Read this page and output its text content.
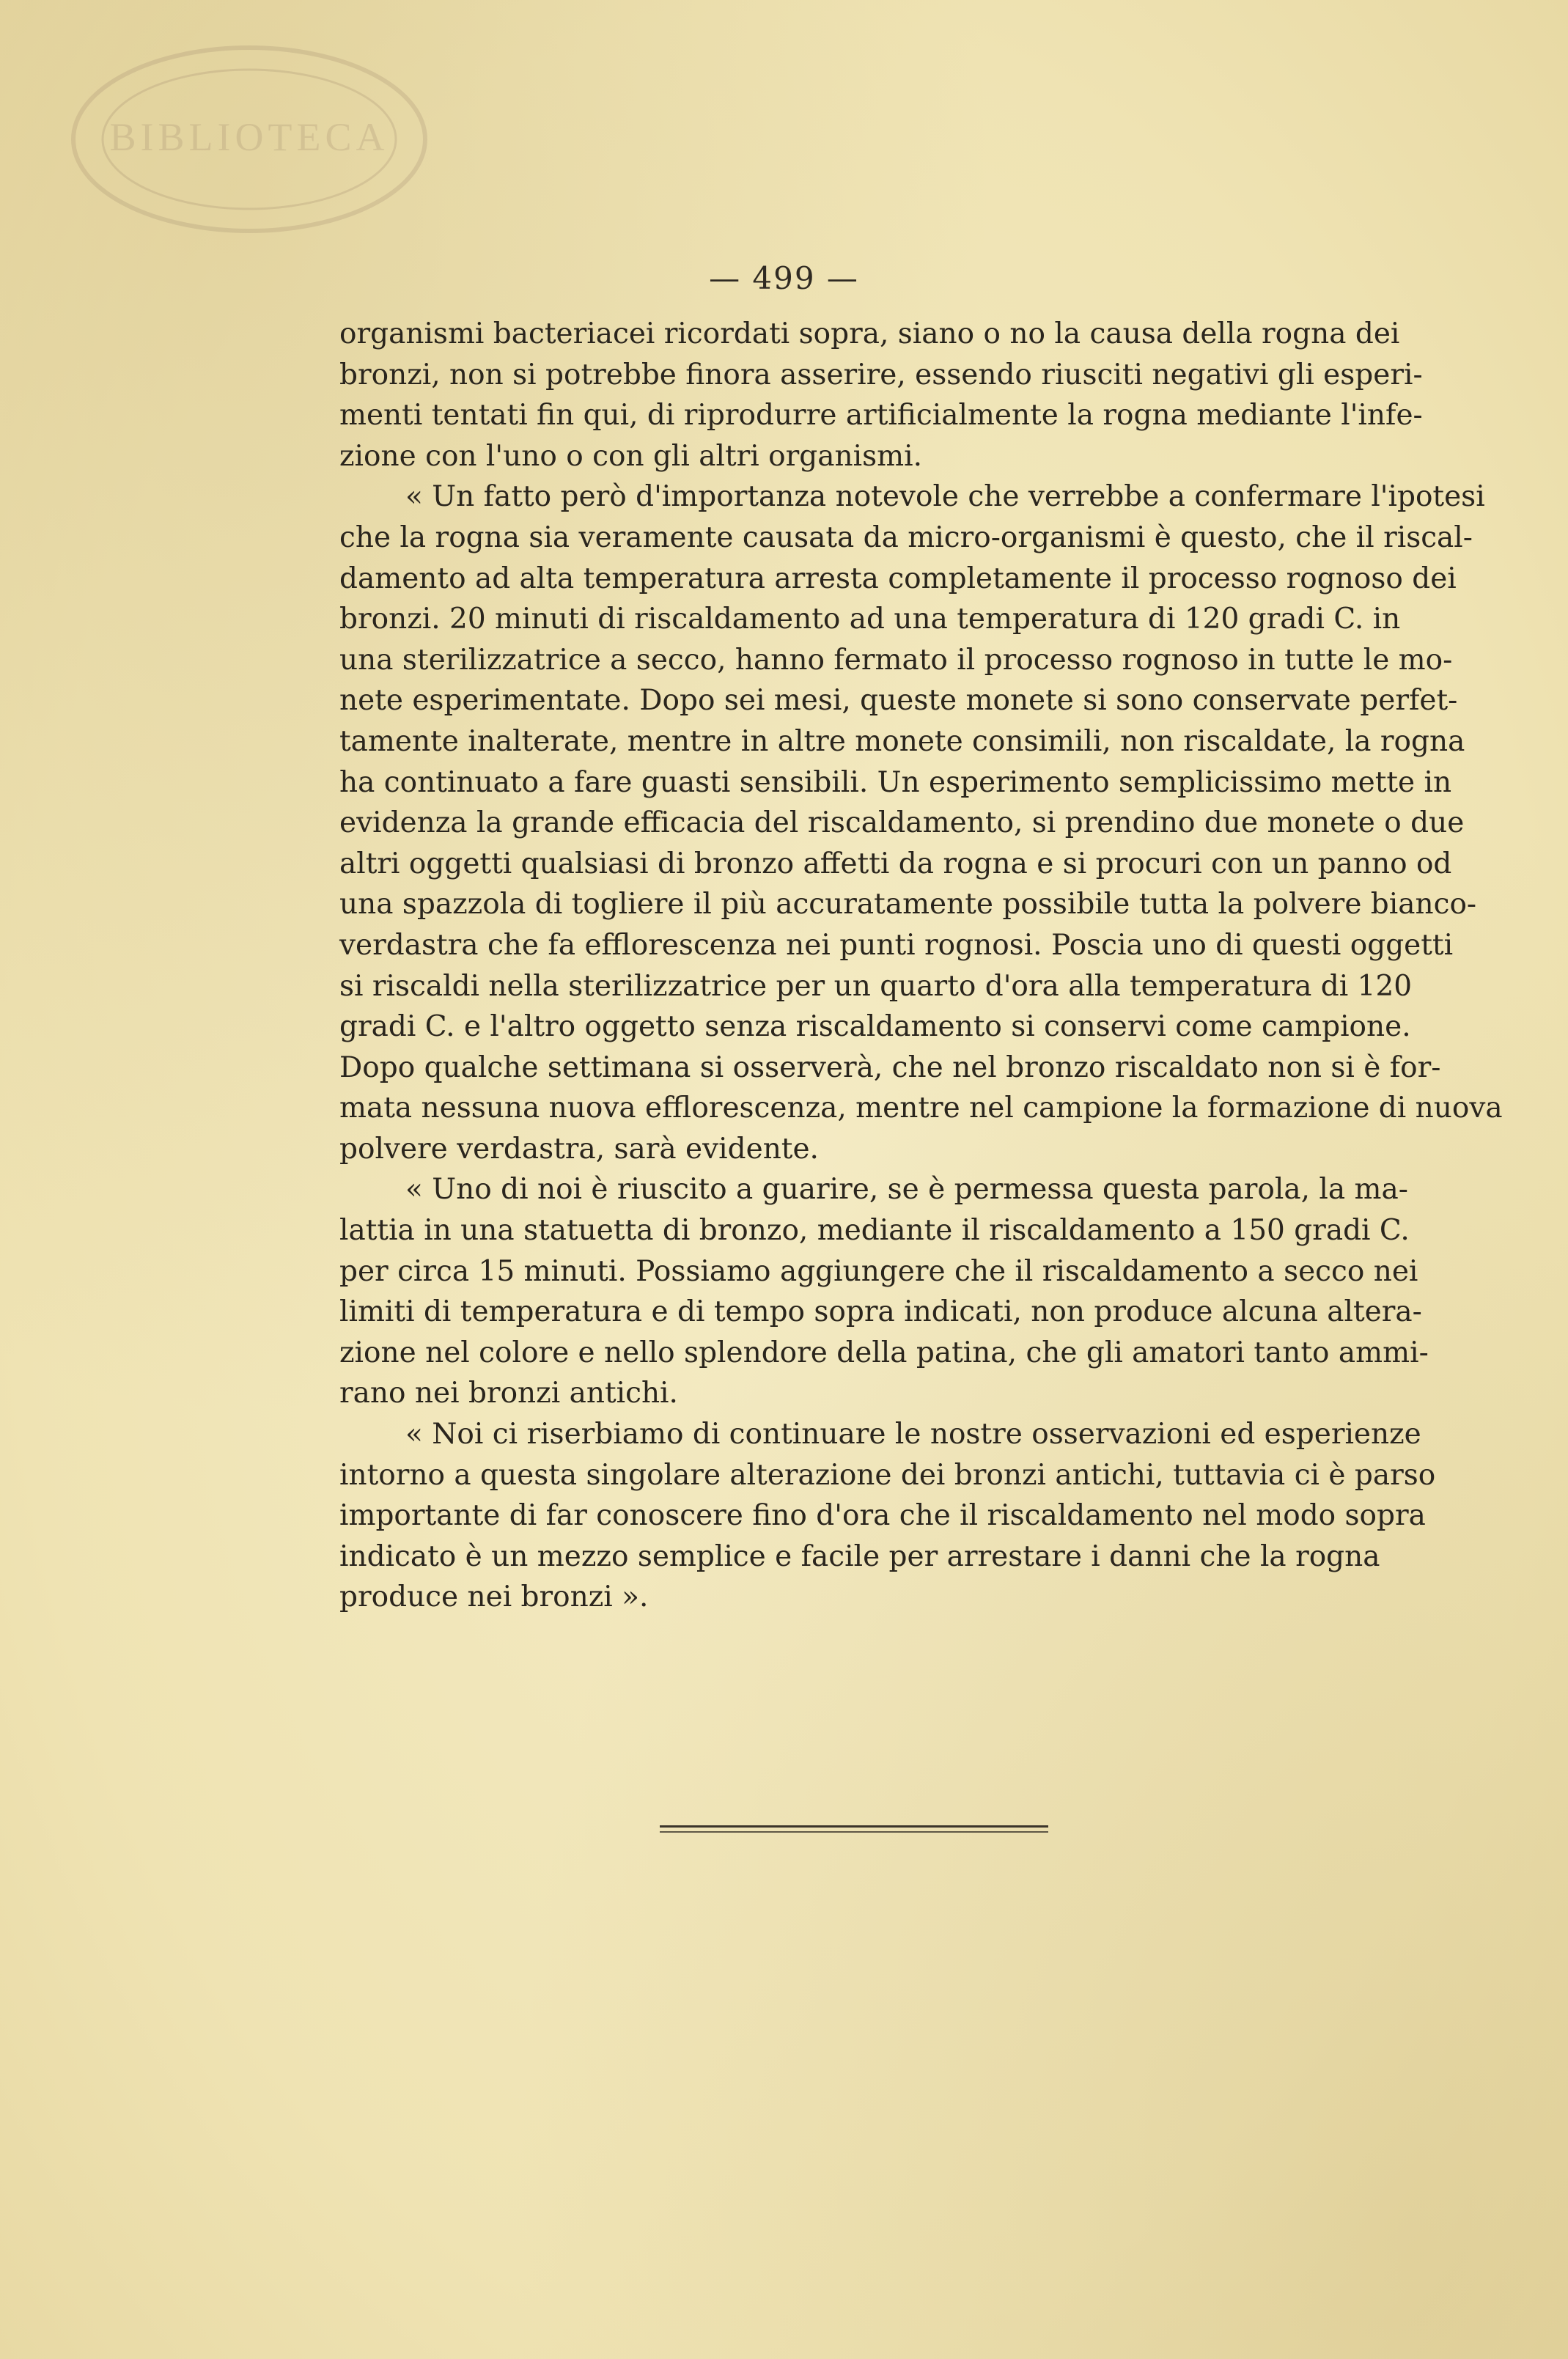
BIBLIOTECA
— 499 —
organismi bacteriacei ricordati sopra, siano o no la causa della rogna dei
bronzi, non si potrebbe finora asserire, essendo riusciti negativi gli esperi-
menti tentati fin qui, di riprodurre artificialmente la rogna mediante l'infe-
zione con l'uno o con gli altri organismi.
« Un fatto però d'importanza notevole che verrebbe a confermare l'ipotesi
che la rogna sia veramente causata da micro-organismi è questo, che il riscal-
damento ad alta temperatura arresta completamente il processo rognoso dei
bronzi. 20 minuti di riscaldamento ad una temperatura di 120 gradi C. in
una sterilizzatrice a secco, hanno fermato il processo rognoso in tutte le mo-
nete esperimentate. Dopo sei mesi, queste monete si sono conservate perfet-
tamente inalterate, mentre in altre monete consimili, non riscaldate, la rogna
ha continuato a fare guasti sensibili. Un esperimento semplicissimo mette in
evidenza la grande efficacia del riscaldamento, si prendino due monete o due
altri oggetti qualsiasi di bronzo affetti da rogna e si procuri con un panno od
una spazzola di togliere il più accuratamente possibile tutta la polvere bianco-
verdastra che fa efflorescenza nei punti rognosi. Poscia uno di questi oggetti
si riscaldi nella sterilizzatrice per un quarto d'ora alla temperatura di 120
gradi C. e l'altro oggetto senza riscaldamento si conservi come campione.
Dopo qualche settimana si osserverà, che nel bronzo riscaldato non si è for-
mata nessuna nuova efflorescenza, mentre nel campione la formazione di nuova
polvere verdastra, sarà evidente.
« Uno di noi è riuscito a guarire, se è permessa questa parola, la ma-
lattia in una statuetta di bronzo, mediante il riscaldamento a 150 gradi C.
per circa 15 minuti. Possiamo aggiungere che il riscaldamento a secco nei
limiti di temperatura e di tempo sopra indicati, non produce alcuna altera-
zione nel colore e nello splendore della patina, che gli amatori tanto ammi-
rano nei bronzi antichi.
« Noi ci riserbiamo di continuare le nostre osservazioni ed esperienze
intorno a questa singolare alterazione dei bronzi antichi, tuttavia ci è parso
importante di far conoscere fino d'ora che il riscaldamento nel modo sopra
indicato è un mezzo semplice e facile per arrestare i danni che la rogna
produce nei bronzi ».
